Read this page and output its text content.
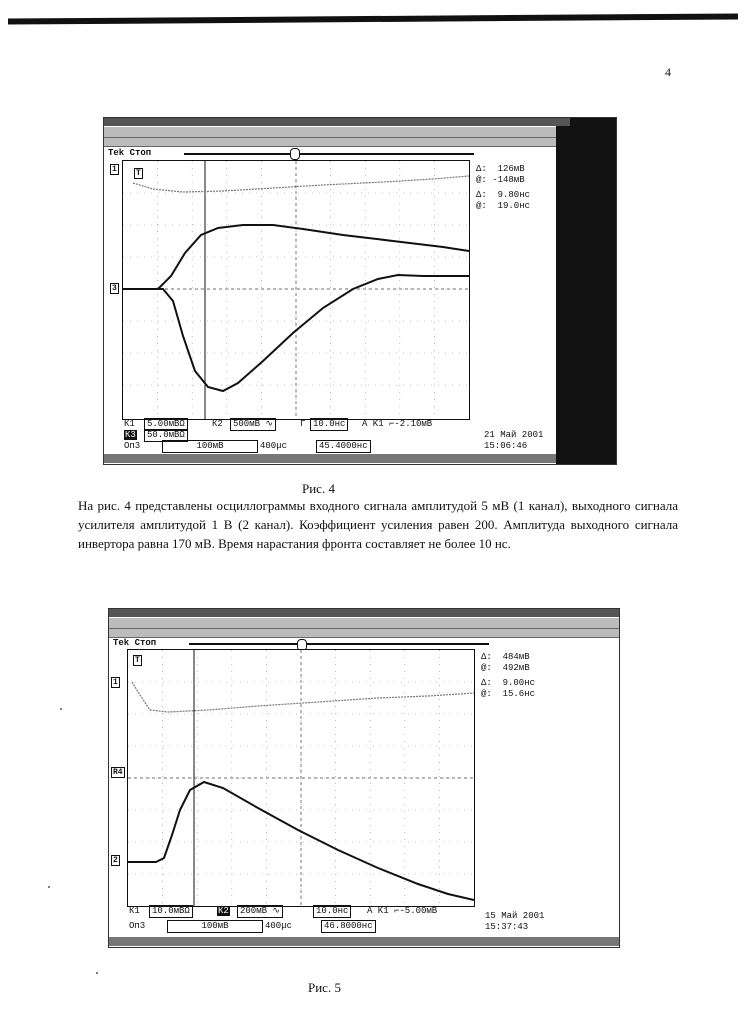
4
Tek Стоп
1 T
3
Δ:  126мВ
@: -148мВ
Δ:  9.80нс
@:  19.0нс
К1	5.00мВΩ	К2	500мВ ∿	Г 10.0нс	A K1 ⌐-2.10мВ
К3	50.0мВΩ
Оп3	100мВ	400μс	45.4000нс
21 Май 2001
15:06:46
Рис. 4
На рис. 4 представлены осциллограммы входного сигнала амплитудой 5 мВ (1 канал), выходного сигнала усилителя амплитудой 1 В (2 канал). Коэффициент усиления равен 200. Амплитуда выходного сигнала инвертора равна 170 мВ. Время нарастания фронта составляет не более 10 нс.
Tek Стоп
T
1
R4
2
Δ:  484мВ
@:  492мВ
Δ:  9.00нс
@:  15.6нс
К1	10.0мВΩ	К2	200мВ ∿	10.0нс	A K1 ⌐-5.00мВ
Оп3	100мВ	400μс	46.8000нс
15 Май 2001
15:37:43
Рис. 5
